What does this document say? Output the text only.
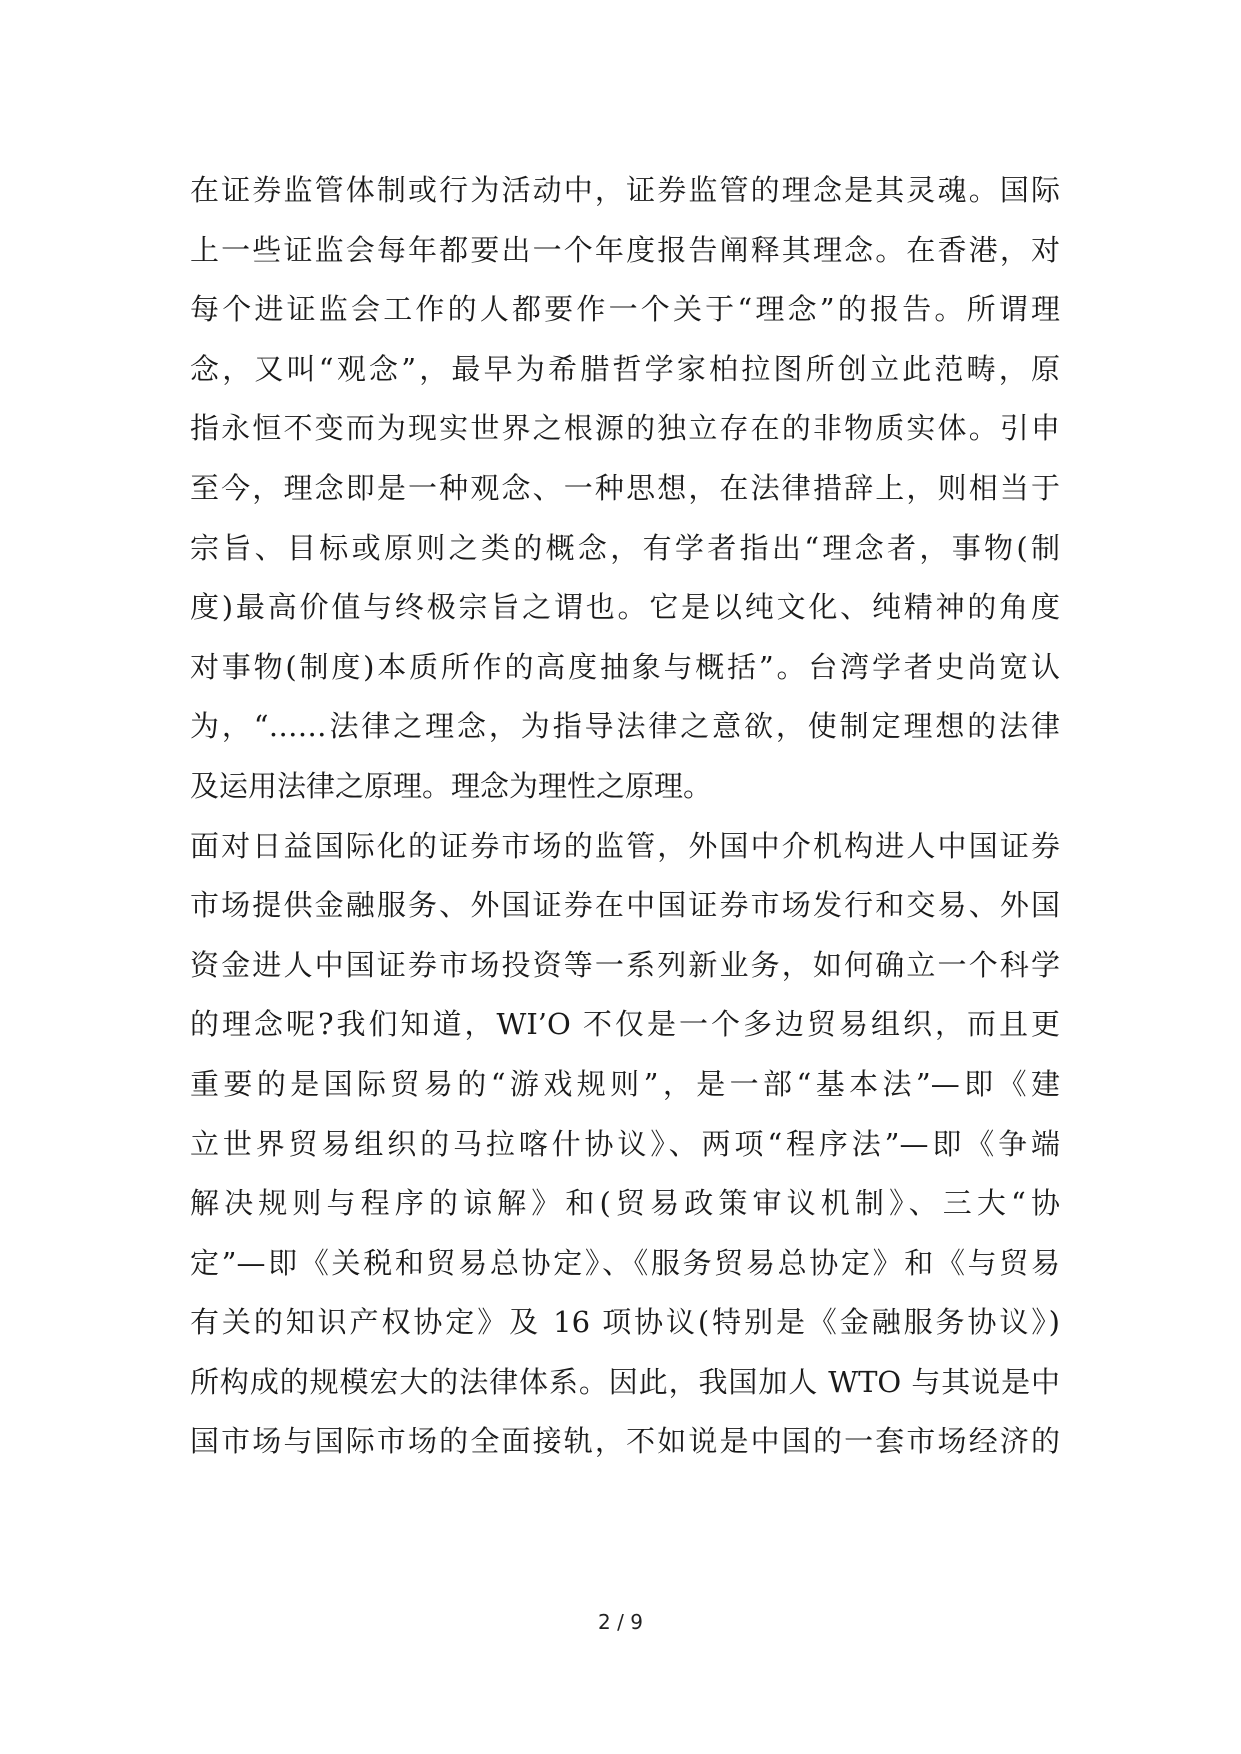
在证券监管体制或行为活动中，证券监管的理念是其灵魂。国际
上一些证监会每年都要出一个年度报告阐释其理念。在香港，对
每个进证监会工作的人都要作一个关于“理念”的报告。所谓理
念，又叫“观念”，最早为希腊哲学家柏拉图所创立此范畴，原
指永恒不变而为现实世界之根源的独立存在的非物质实体。引申
至今，理念即是一种观念、一种思想，在法律措辞上，则相当于
宗旨、目标或原则之类的概念，有学者指出“理念者，事物(制
度)最高价值与终极宗旨之谓也。它是以纯文化、纯精神的角度
对事物(制度)本质所作的高度抽象与概括”。台湾学者史尚宽认
为，“……法律之理念，为指导法律之意欲，使制定理想的法律
及运用法律之原理。理念为理性之原理。
面对日益国际化的证券市场的监管，外国中介机构进人中国证券
市场提供金融服务、外国证券在中国证券市场发行和交易、外国
资金进人中国证券市场投资等一系列新业务，如何确立一个科学
的理念呢?我们知道，WI’O 不仅是一个多边贸易组织，而且更
重要的是国际贸易的“游戏规则”，是一部“基本法”—即《建
立世界贸易组织的马拉喀什协议》、两项“程序法”—即《争端
解决规则与程序的谅解》和(贸易政策审议机制》、三大“协
定”—即《关税和贸易总协定》、《服务贸易总协定》和《与贸易
有关的知识产权协定》及 16 项协议(特别是《金融服务协议》)
所构成的规模宏大的法律体系。因此，我国加人 WTO 与其说是中
国市场与国际市场的全面接轨，不如说是中国的一套市场经济的
2 / 9
